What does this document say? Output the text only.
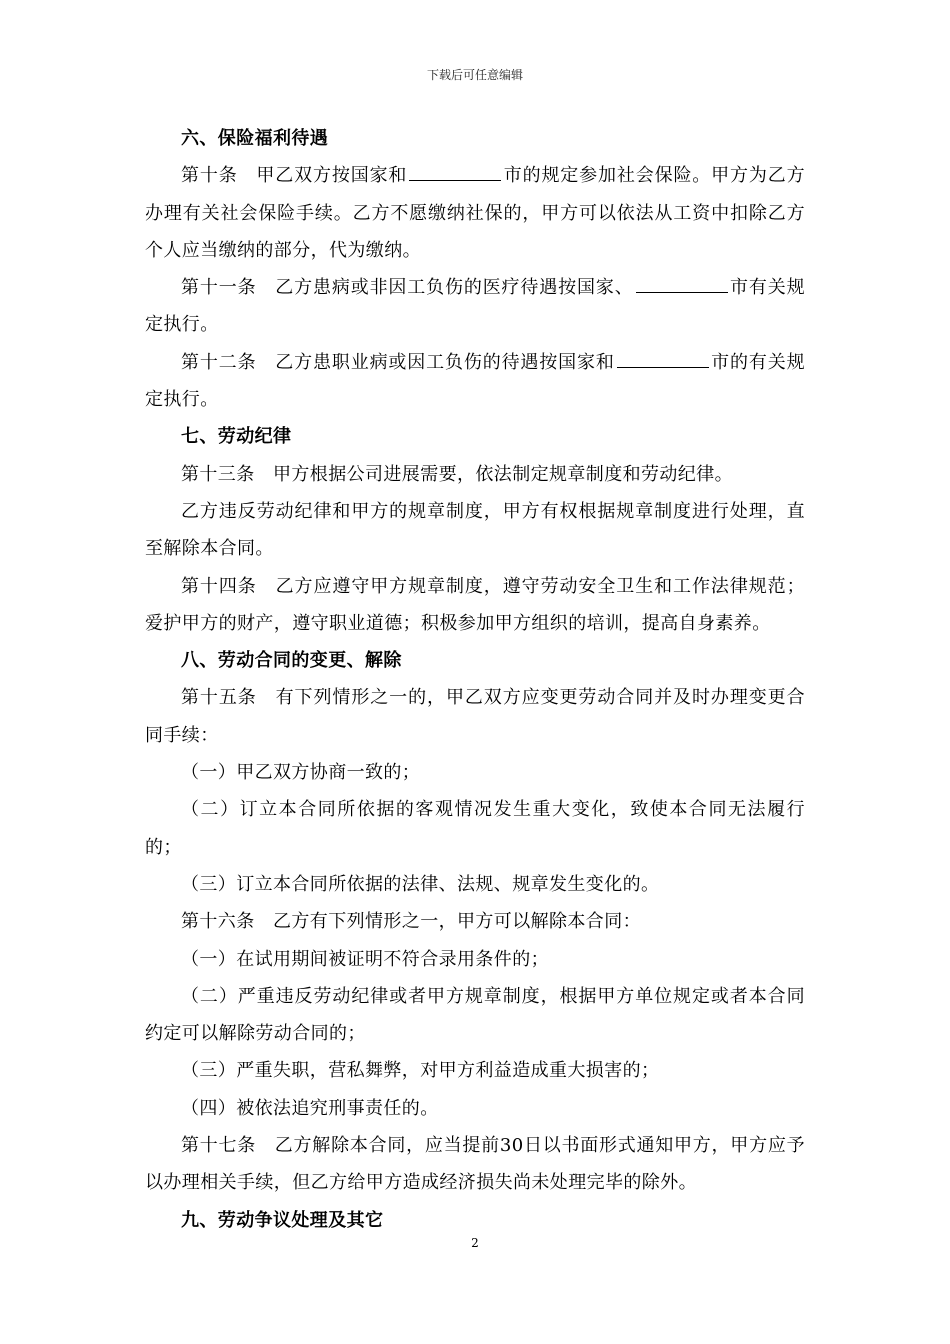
下载后可任意编辑

六、保险福利待遇

第十条　甲乙双方按国家和	市的规定参加社会保险。甲方为乙方办理有关社会保险手续。乙方不愿缴纳社保的，甲方可以依法从工资中扣除乙方个人应当缴纳的部分，代为缴纳。

第十一条　乙方患病或非因工负伤的医疗待遇按国家、	市有关规定执行。

第十二条　乙方患职业病或因工负伤的待遇按国家和	市的有关规定执行。

七、劳动纪律

第十三条　甲方根据公司进展需要，依法制定规章制度和劳动纪律。

乙方违反劳动纪律和甲方的规章制度，甲方有权根据规章制度进行处理，直至解除本合同。

第十四条　乙方应遵守甲方规章制度，遵守劳动安全卫生和工作法律规范；爱护甲方的财产，遵守职业道德；积极参加甲方组织的培训，提高自身素养。

八、劳动合同的变更、解除

第十五条　有下列情形之一的，甲乙双方应变更劳动合同并及时办理变更合同手续：

（一）甲乙双方协商一致的；

（二）订立本合同所依据的客观情况发生重大变化，致使本合同无法履行的；

（三）订立本合同所依据的法律、法规、规章发生变化的。

第十六条　乙方有下列情形之一，甲方可以解除本合同：

（一）在试用期间被证明不符合录用条件的；

（二）严重违反劳动纪律或者甲方规章制度，根据甲方单位规定或者本合同约定可以解除劳动合同的；

（三）严重失职，营私舞弊，对甲方利益造成重大损害的；

（四）被依法追究刑事责任的。

第十七条　乙方解除本合同，应当提前30日以书面形式通知甲方，甲方应予以办理相关手续，但乙方给甲方造成经济损失尚未处理完毕的除外。

九、劳动争议处理及其它

2
